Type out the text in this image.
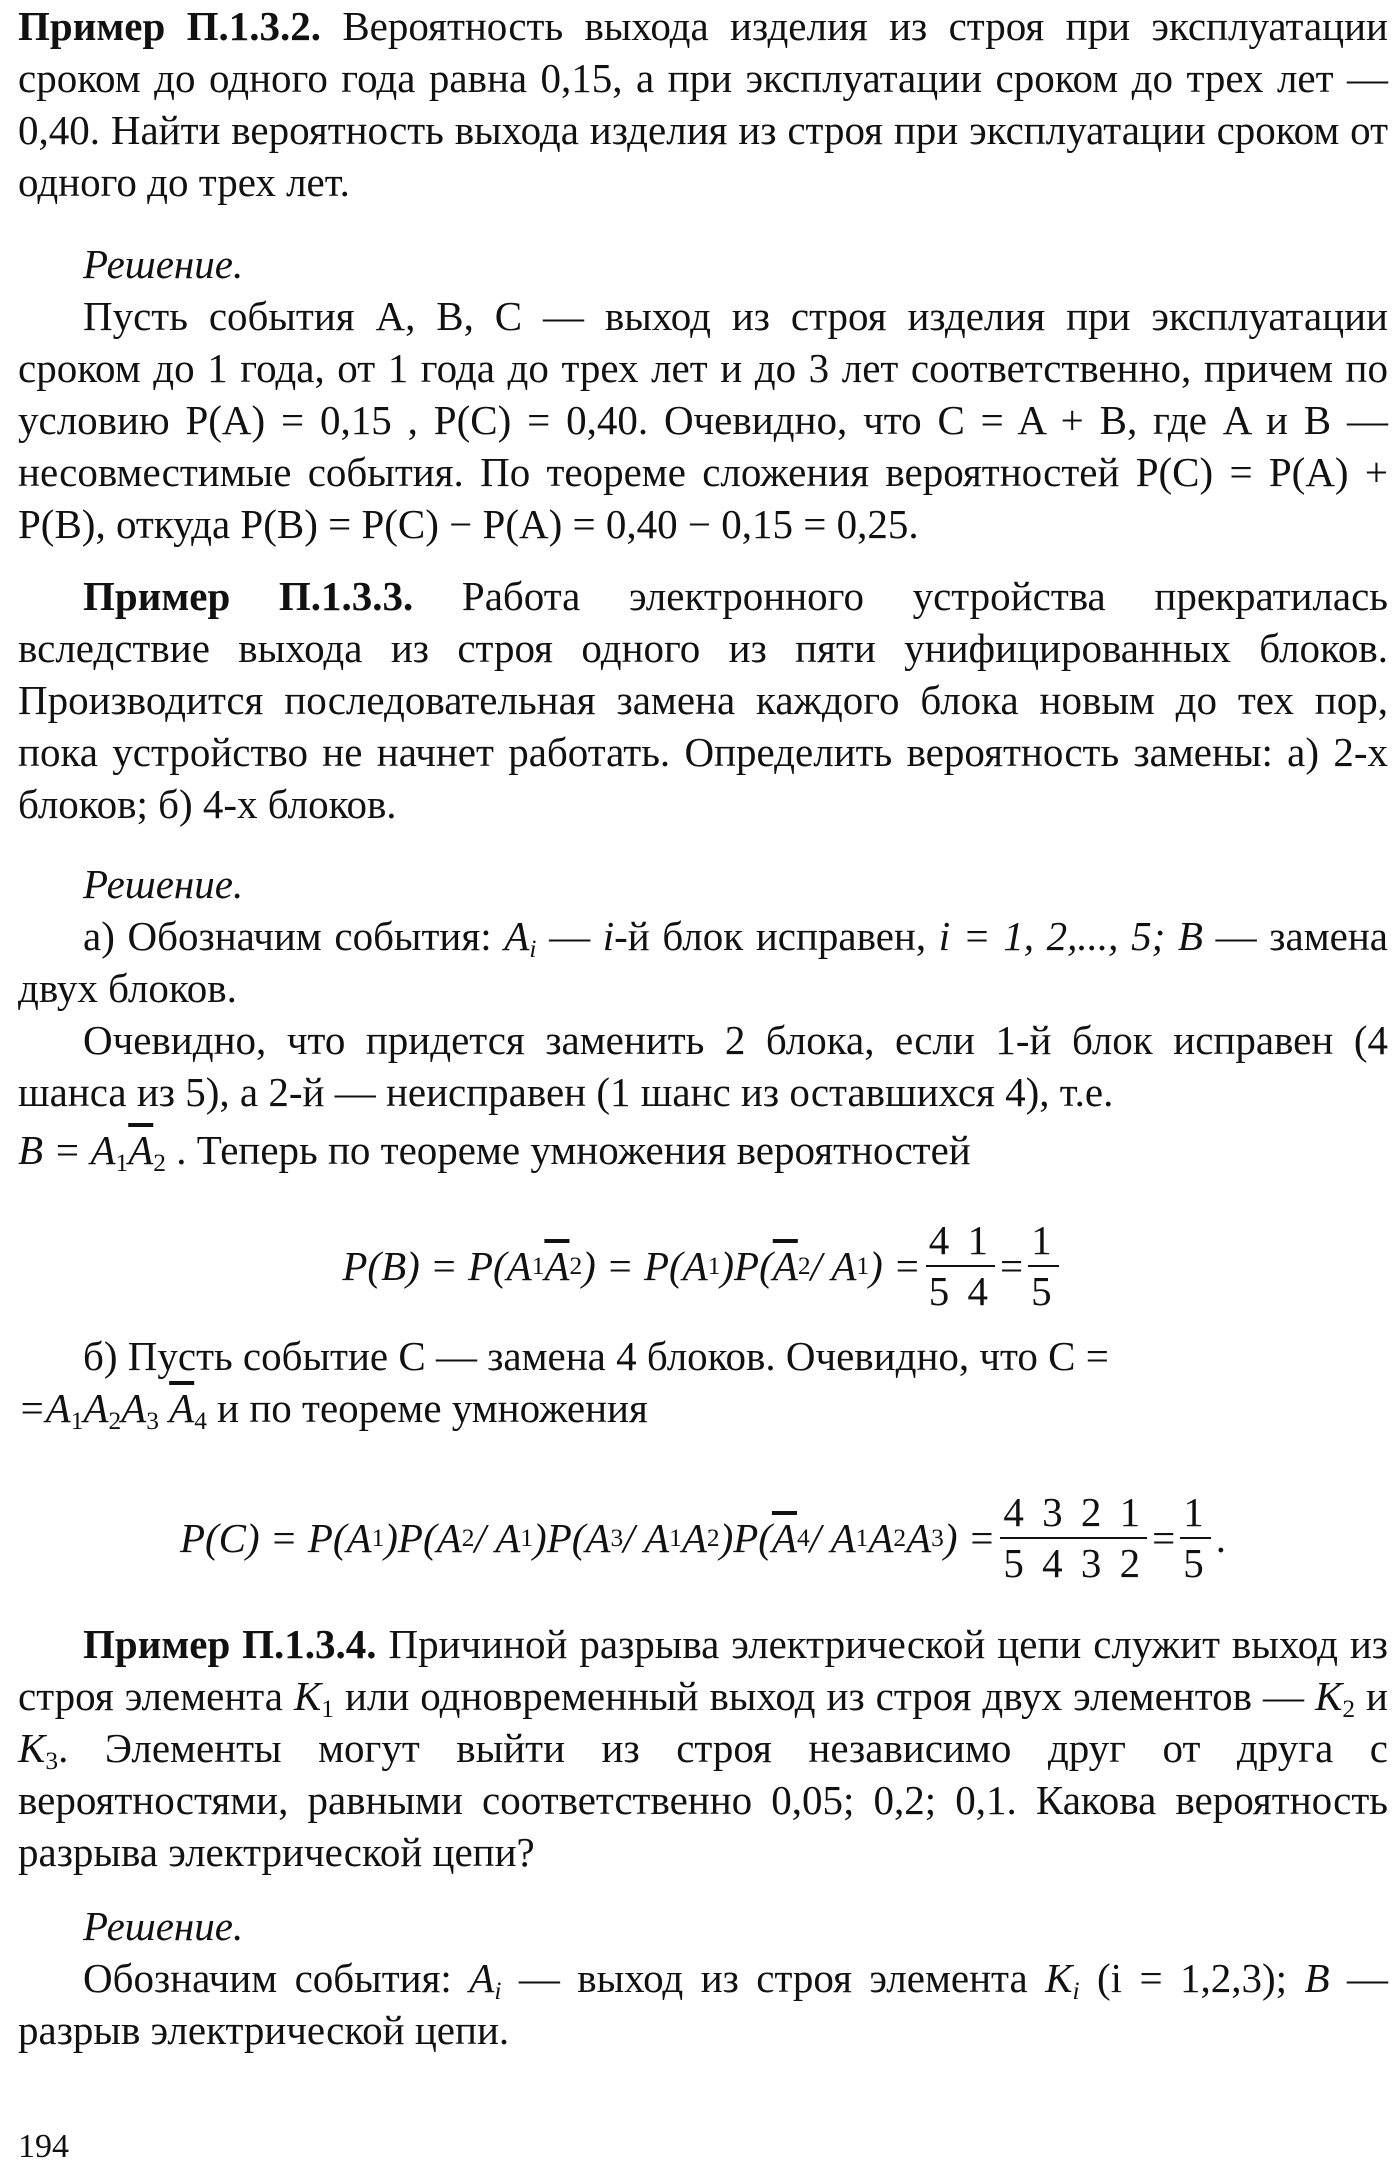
Пример П.1.3.2. Вероятность выхода изделия из строя при эксплуатации сроком до одного года равна 0,15, а при эксплуатации сроком до трех лет — 0,40. Найти вероятность выхода изделия из строя при эксплуатации сроком от одного до трех лет.

Решение.

Пусть события A, B, C — выход из строя изделия при эксплуатации сроком до 1 года, от 1 года до трех лет и до 3 лет соответственно, причем по условию P(A) = 0,15 , P(C) = 0,40. Очевидно, что C = A + B, где A и B — несовместимые события. По теореме сложения вероятностей P(C) = P(A) + P(B), откуда P(B) = P(C) − P(A) = 0,40 − 0,15 = 0,25.

Пример П.1.3.3. Работа электронного устройства прекратилась вследствие выхода из строя одного из пяти унифицированных блоков. Производится последовательная замена каждого блока новым до тех пор, пока устройство не начнет работать. Определить вероятность замены: а) 2-х блоков; б) 4-х блоков.

Решение.

а) Обозначим события: $A_i$ — i-й блок исправен, i = 1, 2,..., 5; B — замена двух блоков.

Очевидно, что придется заменить 2 блока, если 1-й блок исправен (4 шанса из 5), а 2-й — неисправен (1 шанс из оставшихся 4), т.е.

$B = A_1\overline{A}_2$ . Теперь по теореме умножения вероятностей

P(B) = P(A 1 $\overline{A}$ 2 ) = P(A 1 )P( $\overline{A}$ 2 / A 1 ) = $\frac{4 1}{5 4} = \frac{1}{5}$

б) Пусть событие C — замена 4 блоков. Очевидно, что C =

$=A_1A_2A_3$ $\overline{A}_4$ и по теореме умножения

P(C) = P(A 1 )P(A 2 / A 1 )P(A 3 / A 1 A 2 )P( $\overline{A}$ 4 / A 1 A 2 A 3 ) = $\frac{4 3 2 1}{5 4 3 2} = \frac{1}{5}$ .

Пример П.1.3.4. Причиной разрыва электрической цепи служит выход из строя элемента $K_1$ или одновременный выход из строя двух элементов — $K_2$ и $K_3$. Элементы могут выйти из строя независимо друг от друга с вероятностями, равными соответственно 0,05; 0,2; 0,1. Какова вероятность разрыва электрической цепи?

Решение.

Обозначим события: $A_i$ — выход из строя элемента $K_i$ (i = 1,2,3); B — разрыв электрической цепи.

194
